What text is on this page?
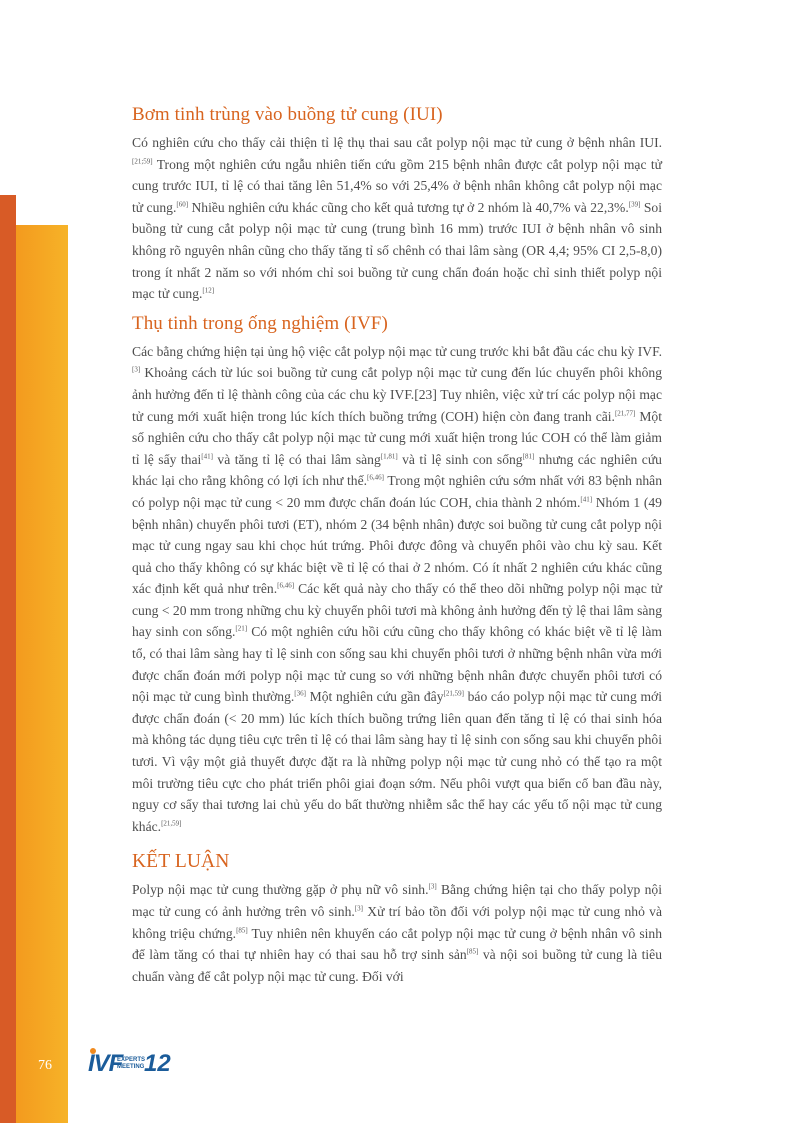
Bơm tinh trùng vào buồng tử cung (IUI)

Có nghiên cứu cho thấy cải thiện tỉ lệ thụ thai sau cắt polyp nội mạc tử cung ở bệnh nhân IUI.[21;59] Trong một nghiên cứu ngẫu nhiên tiến cứu gồm 215 bệnh nhân được cắt polyp nội mạc tử cung trước IUI, tỉ lệ có thai tăng lên 51,4% so với 25,4% ở bệnh nhân không cắt polyp nội mạc tử cung.[60] Nhiều nghiên cứu khác cũng cho kết quả tương tự ở 2 nhóm là 40,7% và 22,3%.[39] Soi buồng tử cung cắt polyp nội mạc tử cung (trung bình 16 mm) trước IUI ở bệnh nhân vô sinh không rõ nguyên nhân cũng cho thấy tăng tỉ số chênh có thai lâm sàng (OR 4,4; 95% CI 2,5-8,0) trong ít nhất 2 năm so với nhóm chỉ soi buồng tử cung chẩn đoán hoặc chỉ sinh thiết polyp nội mạc tử cung.[12]

Thụ tinh trong ống nghiệm (IVF)

Các bằng chứng hiện tại ủng hộ việc cắt polyp nội mạc tử cung trước khi bắt đầu các chu kỳ IVF.[3] Khoảng cách từ lúc soi buồng tử cung cắt polyp nội mạc tử cung đến lúc chuyển phôi không ảnh hưởng đến tỉ lệ thành công của các chu kỳ IVF.[23] Tuy nhiên, việc xử trí các polyp nội mạc tử cung mới xuất hiện trong lúc kích thích buồng trứng (COH) hiện còn đang tranh cãi.[21,77] Một số nghiên cứu cho thấy cắt polyp nội mạc tử cung mới xuất hiện trong lúc COH có thể làm giảm tỉ lệ sẩy thai[41] và tăng tỉ lệ có thai lâm sàng[1,81] và tỉ lệ sinh con sống[81] nhưng các nghiên cứu khác lại cho rằng không có lợi ích như thế.[6,46] Trong một nghiên cứu sớm nhất với 83 bệnh nhân có polyp nội mạc tử cung < 20 mm được chẩn đoán lúc COH, chia thành 2 nhóm.[41] Nhóm 1 (49 bệnh nhân) chuyển phôi tươi (ET), nhóm 2 (34 bệnh nhân) được soi buồng tử cung cắt polyp nội mạc tử cung ngay sau khi chọc hút trứng. Phôi được đông và chuyển phôi vào chu kỳ sau. Kết quả cho thấy không có sự khác biệt về tỉ lệ có thai ở 2 nhóm. Có ít nhất 2 nghiên cứu khác cũng xác định kết quả như trên.[6,46] Các kết quả này cho thấy có thể theo dõi những polyp nội mạc tử cung < 20 mm trong những chu kỳ chuyển phôi tươi mà không ảnh hưởng đến tỷ lệ thai lâm sàng hay sinh con sống.[21] Có một nghiên cứu hồi cứu cũng cho thấy không có khác biệt về tỉ lệ làm tổ, có thai lâm sàng hay tỉ lệ sinh con sống sau khi chuyển phôi tươi ở những bệnh nhân vừa mới được chẩn đoán mới polyp nội mạc tử cung so với những bệnh nhân được chuyển phôi tươi có nội mạc tử cung bình thường.[36] Một nghiên cứu gần đây[21,59] báo cáo polyp nội mạc tử cung mới được chẩn đoán (< 20 mm) lúc kích thích buồng trứng liên quan đến tăng tỉ lệ có thai sinh hóa mà không tác dụng tiêu cực trên tỉ lệ có thai lâm sàng hay tỉ lệ sinh con sống sau khi chuyển phôi tươi. Vì vậy một giả thuyết được đặt ra là những polyp nội mạc tử cung nhỏ có thể tạo ra một môi trường tiêu cực cho phát triển phôi giai đoạn sớm. Nếu phôi vượt qua biến cố ban đầu này, nguy cơ sẩy thai tương lai chủ yếu do bất thường nhiễm sắc thể hay các yếu tố nội mạc tử cung khác.[21,59]

KẾT LUẬN

Polyp nội mạc tử cung thường gặp ở phụ nữ vô sinh.[3] Bằng chứng hiện tại cho thấy polyp nội mạc tử cung có ảnh hưởng trên vô sinh.[3] Xử trí bảo tồn đối với polyp nội mạc tử cung nhỏ và không triệu chứng.[85] Tuy nhiên nên khuyến cáo cắt polyp nội mạc tử cung ở bệnh nhân vô sinh để làm tăng có thai tự nhiên hay có thai sau hỗ trợ sinh sản[85] và nội soi buồng tử cung là tiêu chuẩn vàng để cắt polyp nội mạc tử cung. Đối với

76 IVF
EXPERTS MEETING 12
